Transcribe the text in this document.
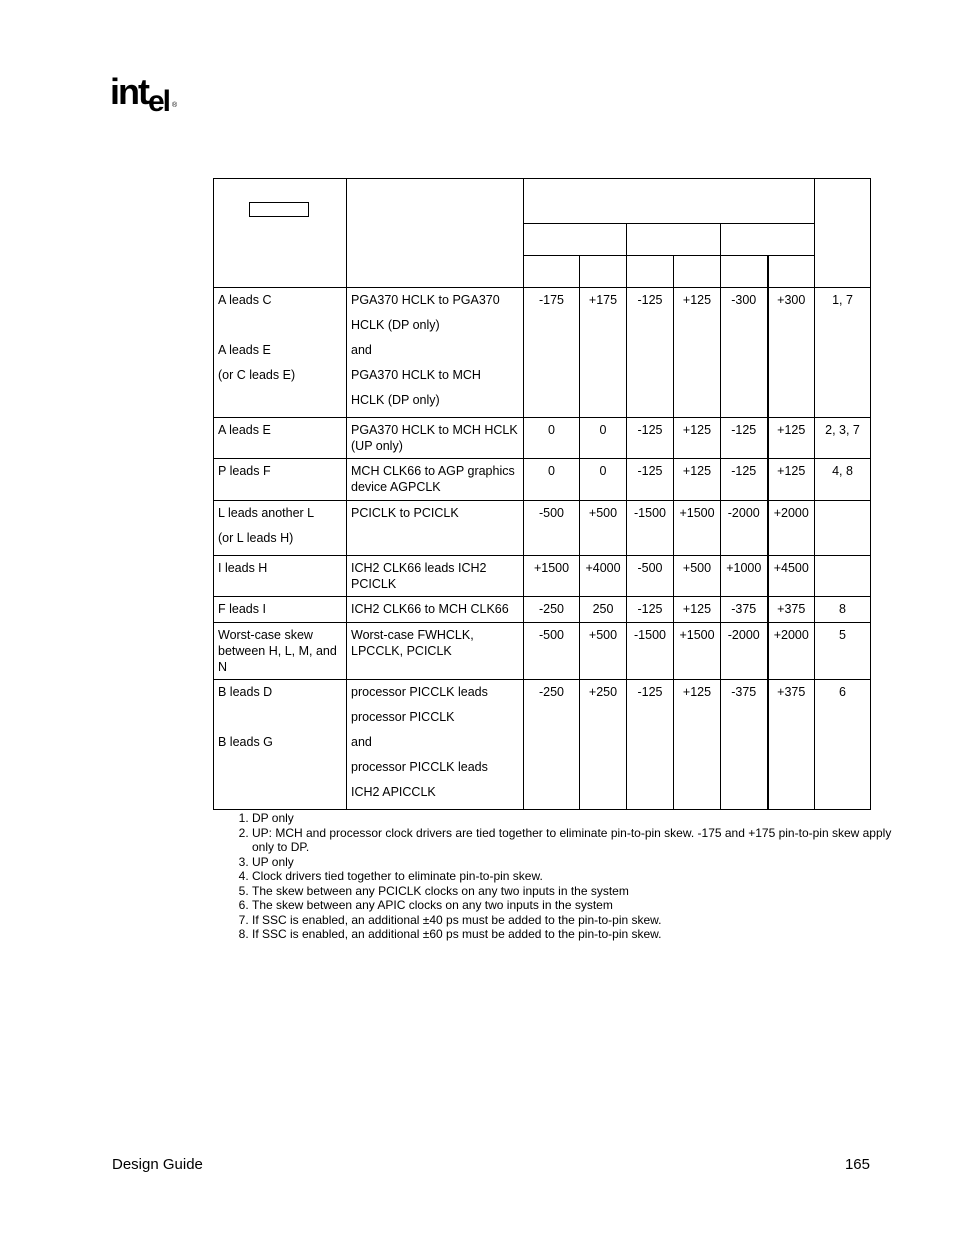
intel ®

A leads C
A leads E
(or C leads E)	PGA370 HCLK to PGA370
HCLK (DP only)
and
PGA370 HCLK to MCH
HCLK (DP only)	-175	+175	-125	+125	-300	+300	1, 7

A leads E	PGA370 HCLK to MCH HCLK (UP only)	0	0	-125	+125	-125	+125	2, 3, 7

P leads F	MCH CLK66 to AGP graphics device AGPCLK	0	0	-125	+125	-125	+125	4, 8

L leads another L
(or L leads H)	PCICLK to PCICLK	-500	+500	-1500	+1500	-2000	+2000	

I leads H	ICH2 CLK66 leads ICH2 PCICLK	+1500	+4000	-500	+500	+1000	+4500	

F leads I	ICH2 CLK66 to MCH CLK66	-250	250	-125	+125	-375	+375	8

Worst-case skew between H, L, M, and N	Worst-case FWHCLK, LPCCLK, PCICLK	-500	+500	-1500	+1500	-2000	+2000	5

B leads D
B leads G	processor PICCLK leads
processor PICCLK
and
processor PICCLK leads
ICH2 APICCLK	-250	+250	-125	+125	-375	+375	6
1. DP only
2. UP: MCH and processor clock drivers are tied together to eliminate pin-to-pin skew. -175 and +175 pin-to-pin skew apply only to DP.
3. UP only
4. Clock drivers tied together to eliminate pin-to-pin skew.
5. The skew between any PCICLK clocks on any two inputs in the system
6. The skew between any APIC clocks on any two inputs in the system
7. If SSC is enabled, an additional ±40 ps must be added to the pin-to-pin skew.
8. If SSC is enabled, an additional ±60 ps must be added to the pin-to-pin skew.
Design Guide	165
